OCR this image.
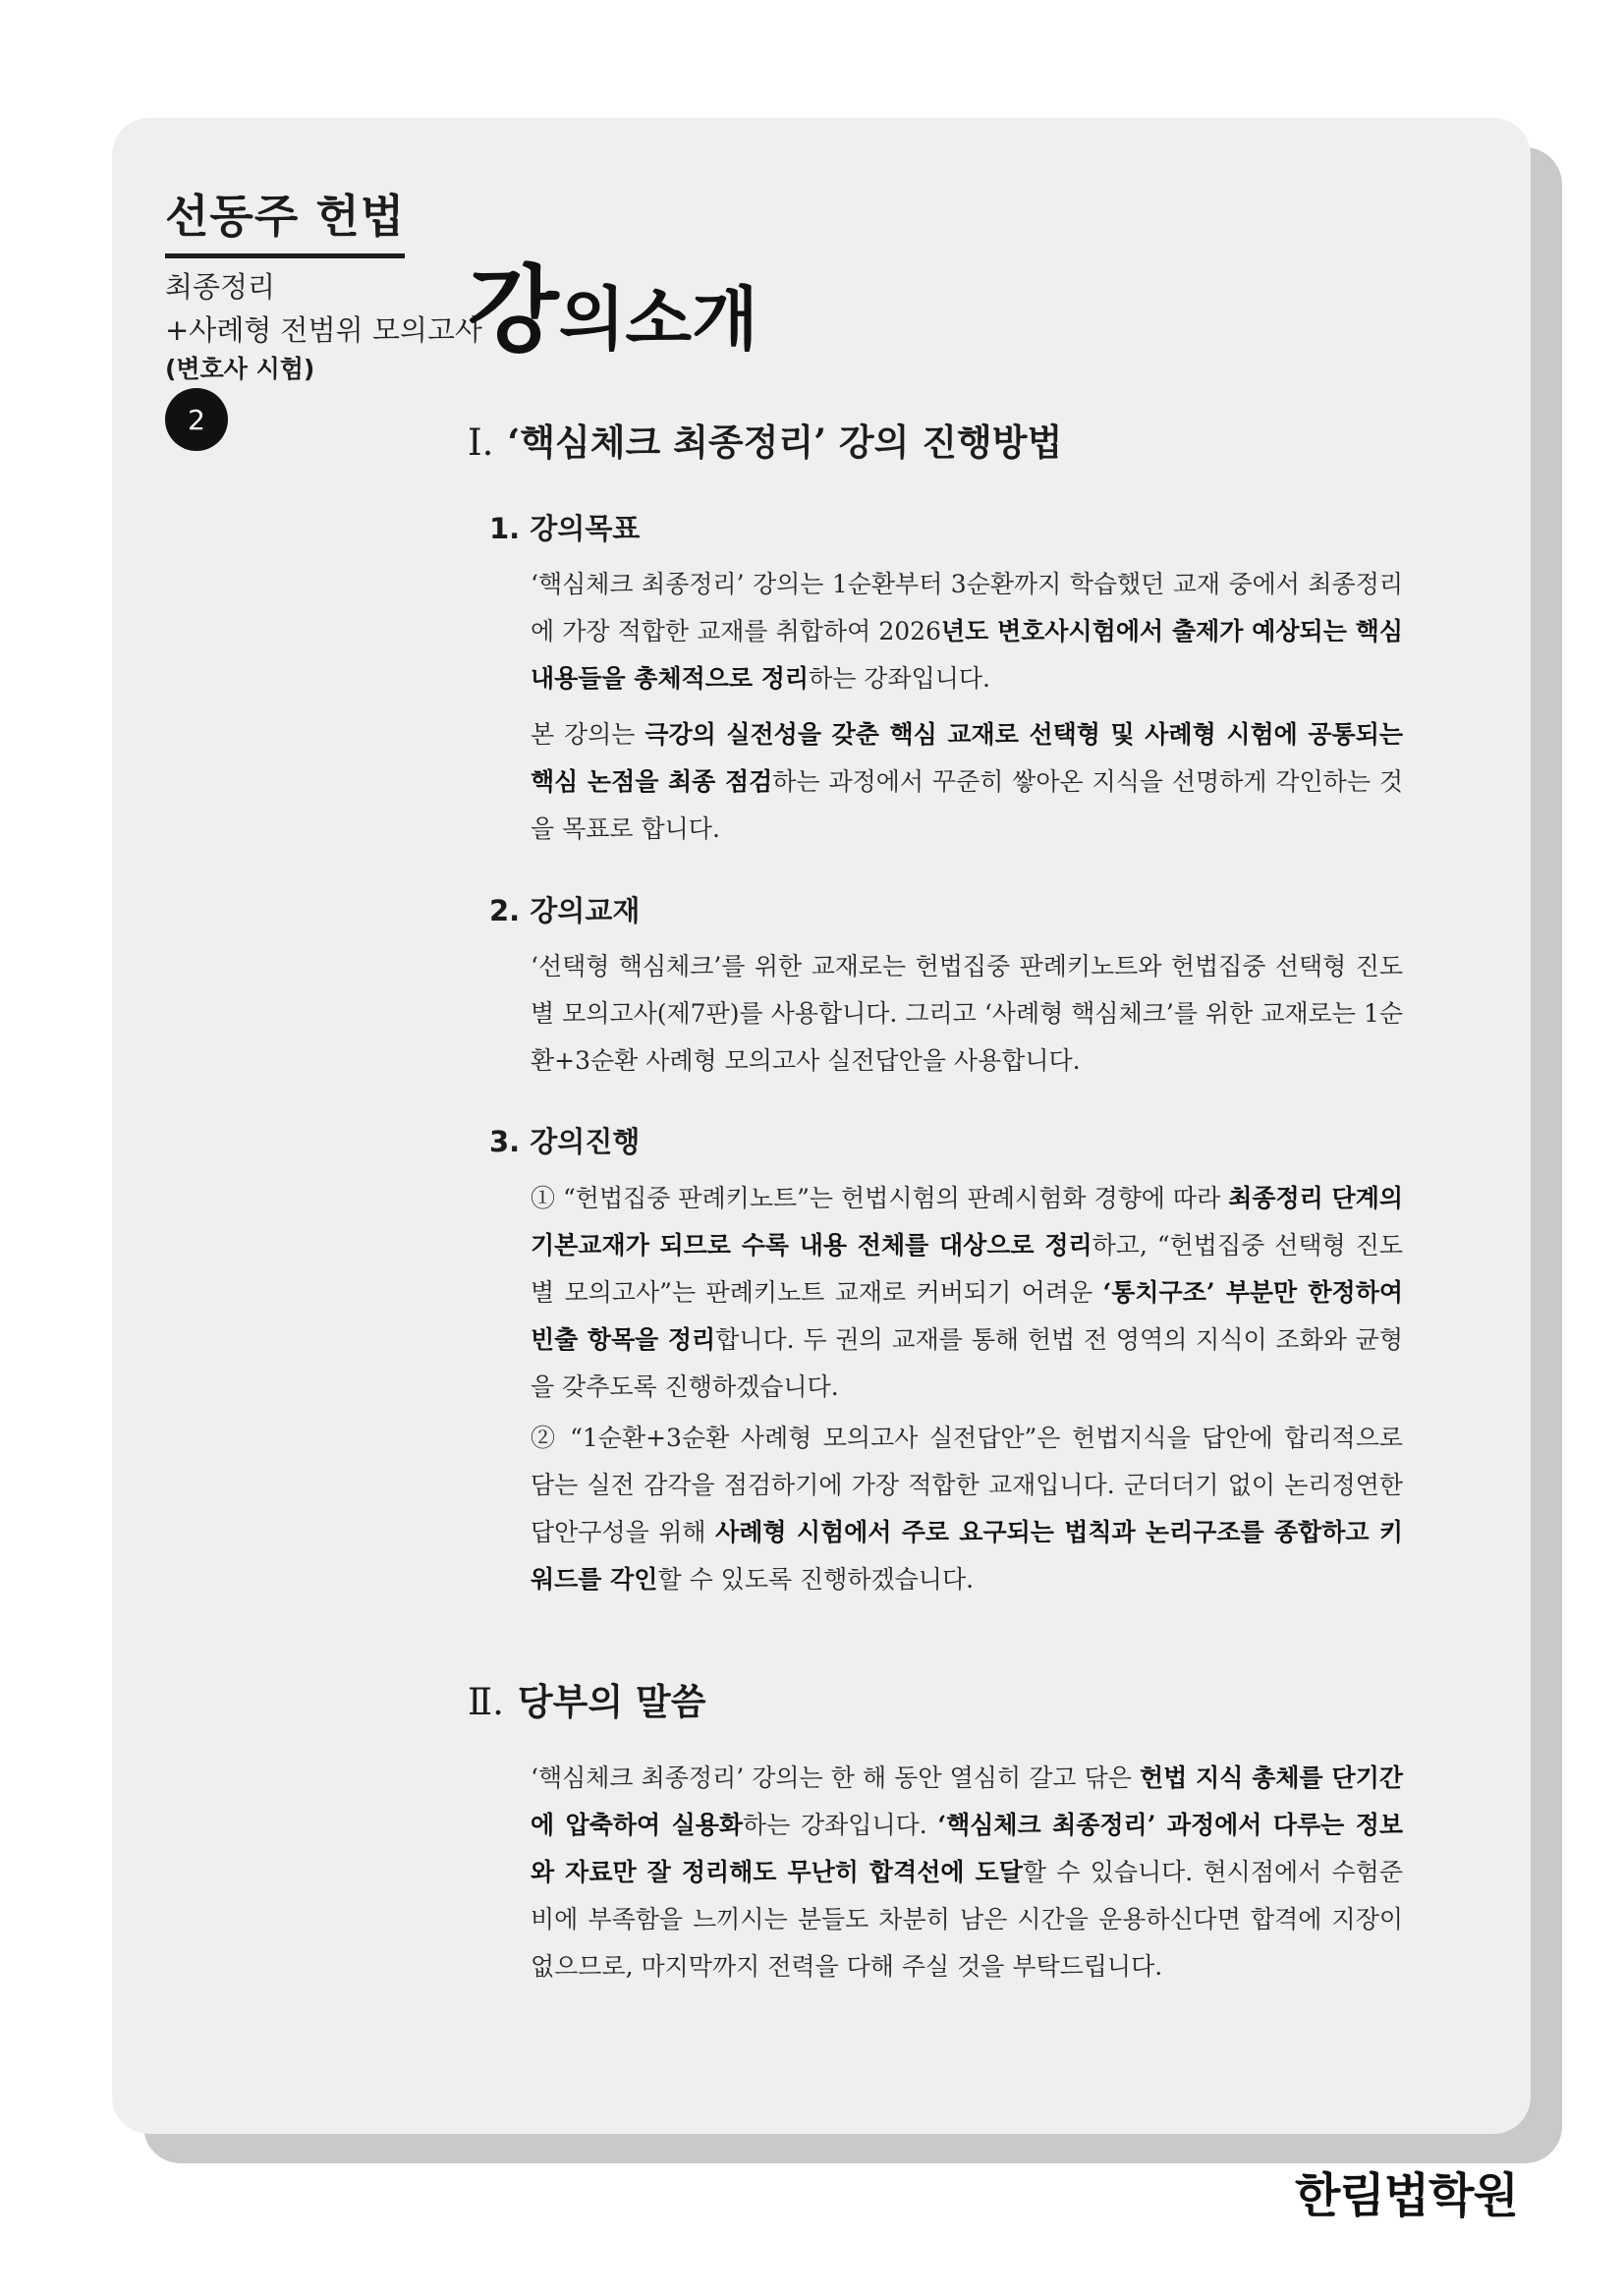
선동주 헌법
최종정리
+사례형 전범위 모의고사
(변호사 시험)
2
강의소개
Ⅰ. ‘핵심체크 최종정리’ 강의 진행방법
1. 강의목표

‘핵심체크 최종정리’ 강의는 1순환부터 3순환까지 학습했던 교재 중에서 최종정리에 가장 적합한 교재를 취합하여 2026년도 변호사시험에서 출제가 예상되는 핵심 내용들을 총체적으로 정리하는 강좌입니다.

본 강의는 극강의 실전성을 갖춘 핵심 교재로 선택형 및 사례형 시험에 공통되는 핵심 논점을 최종 점검하는 과정에서 꾸준히 쌓아온 지식을 선명하게 각인하는 것을 목표로 합니다.

2. 강의교재

‘선택형 핵심체크’를 위한 교재로는 헌법집중 판례키노트와 헌법집중 선택형 진도별 모의고사(제7판)를 사용합니다. 그리고 ‘사례형 핵심체크’를 위한 교재로는 1순환+3순환 사례형 모의고사 실전답안을 사용합니다.

3. 강의진행

① “헌법집중 판례키노트”는 헌법시험의 판례시험화 경향에 따라 최종정리 단계의 기본교재가 되므로 수록 내용 전체를 대상으로 정리하고, “헌법집중 선택형 진도별 모의고사”는 판례키노트 교재로 커버되기 어려운 ‘통치구조’ 부분만 한정하여 빈출 항목을 정리합니다. 두 권의 교재를 통해 헌법 전 영역의 지식이 조화와 균형을 갖추도록 진행하겠습니다.

② “1순환+3순환 사례형 모의고사 실전답안”은 헌법지식을 답안에 합리적으로 담는 실전 감각을 점검하기에 가장 적합한 교재입니다. 군더더기 없이 논리정연한 답안구성을 위해 사례형 시험에서 주로 요구되는 법칙과 논리구조를 종합하고 키워드를 각인할 수 있도록 진행하겠습니다.

Ⅱ. 당부의 말씀

‘핵심체크 최종정리’ 강의는 한 해 동안 열심히 갈고 닦은 헌법 지식 총체를 단기간에 압축하여 실용화하는 강좌입니다. ‘핵심체크 최종정리’ 과정에서 다루는 정보와 자료만 잘 정리해도 무난히 합격선에 도달할 수 있습니다. 현시점에서 수험준비에 부족함을 느끼시는 분들도 차분히 남은 시간을 운용하신다면 합격에 지장이 없으므로, 마지막까지 전력을 다해 주실 것을 부탁드립니다.

한림법학원
